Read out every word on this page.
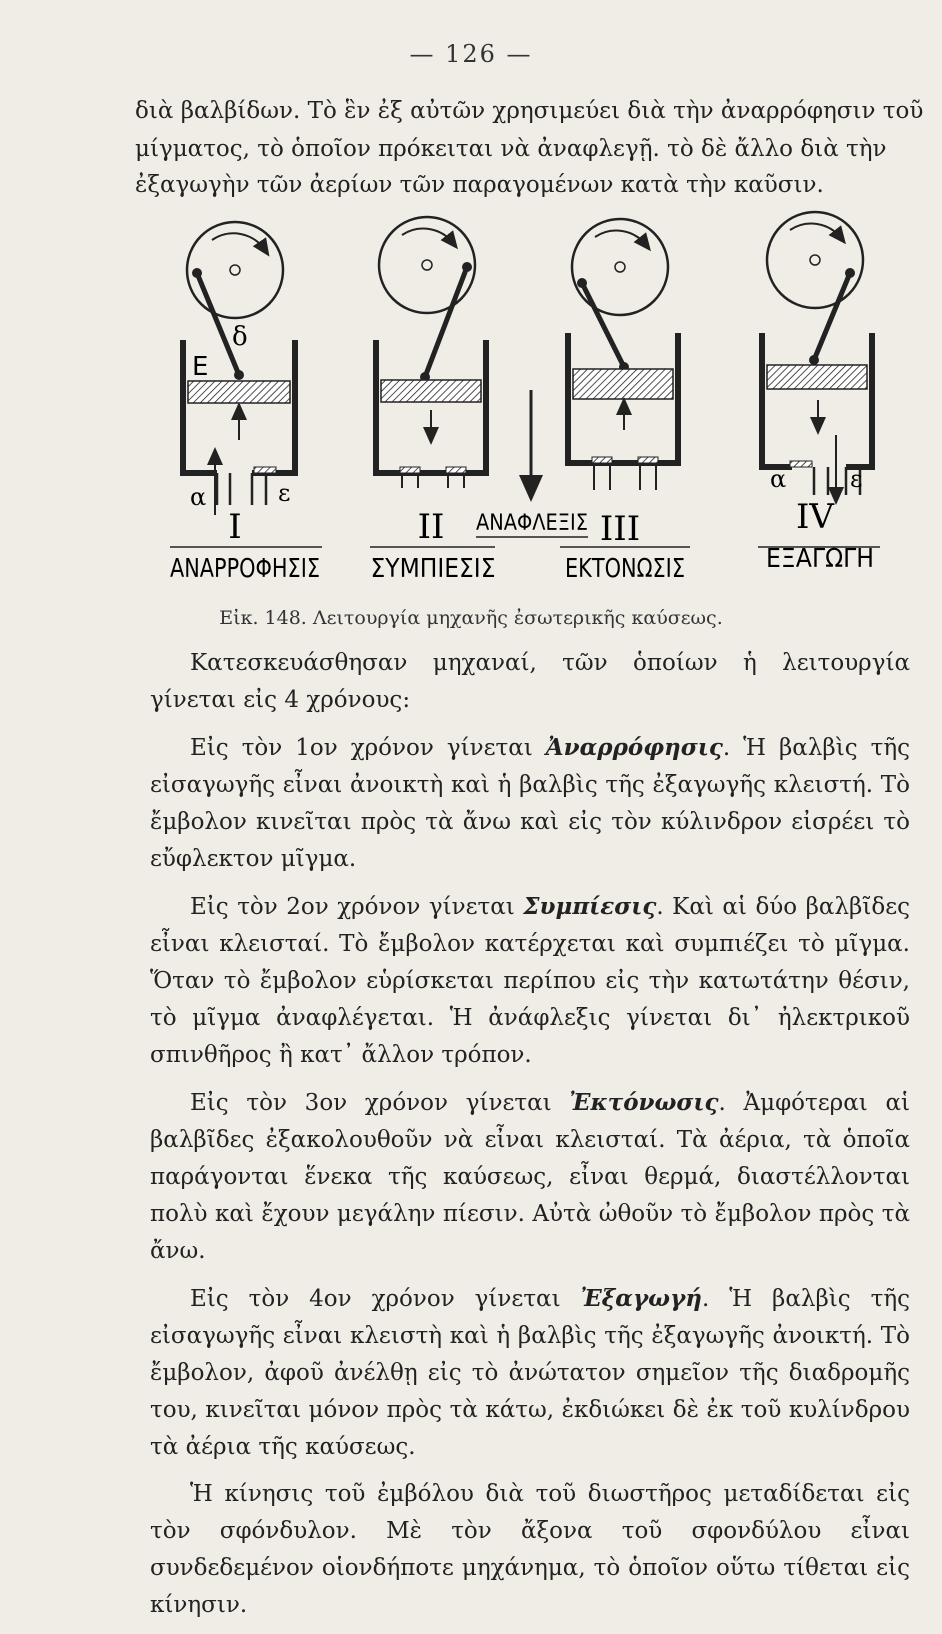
— 126 —
διὰ βαλβίδων. Τὸ ἓν ἐξ αὐτῶν χρησιμεύει διὰ τὴν ἀναρρόφησιν τοῦ
μίγματος, τὸ ὁποῖον πρόκειται νὰ ἀναφλεγῇ. τὸ δὲ ἄλλο διὰ τὴν
ἐξαγωγὴν τῶν ἀερίων τῶν παραγομένων κατὰ τὴν καῦσιν.
Ε
δ
α	ε
I
ΑΝΑΡΡΟΦΗΣΙΣ
II
ΣΥΜΠΙΕΣΙΣ
ΑΝΑΦΛΕΞΙΣ III
ΕΚΤΟΝΩΣΙΣ
α	ε
IV
ΕΞΑΓΩΓΗ
Εἰκ. 148. Λειτουργία μηχανῆς ἐσωτερικῆς καύσεως.

Κατεσκευάσθησαν μηχαναί, τῶν ὁποίων ἡ λειτουργία γίνεται εἰς 4 χρόνους:

Εἰς τὸν 1ον χρόνον γίνεται Ἀναρρόφησις. Ἡ βαλβὶς τῆς εἰσαγωγῆς εἶναι ἀνοικτὴ καὶ ἡ βαλβὶς τῆς ἐξαγωγῆς κλειστή. Τὸ ἔμβολον κινεῖται πρὸς τὰ ἄνω καὶ εἰς τὸν κύλινδρον εἰσρέει τὸ εὔφλεκτον μῖγμα.

Εἰς τὸν 2ον χρόνον γίνεται Συμπίεσις. Καὶ αἱ δύο βαλβῖδες εἶναι κλεισταί. Τὸ ἔμβολον κατέρχεται καὶ συμπιέζει τὸ μῖγμα. Ὅταν τὸ ἔμβολον εὑρίσκεται περίπου εἰς τὴν κατωτάτην θέσιν, τὸ μῖγμα ἀναφλέγεται. Ἡ ἀνάφλεξις γίνεται δι᾿ ἠλεκτρικοῦ σπινθῆρος ἢ κατ᾿ ἄλλον τρόπον.

Εἰς τὸν 3ον χρόνον γίνεται Ἐκτόνωσις. Ἀμφότεραι αἱ βαλβῖδες ἐξακολουθοῦν νὰ εἶναι κλεισταί. Τὰ ἀέρια, τὰ ὁποῖα παράγονται ἕνεκα τῆς καύσεως, εἶναι θερμά, διαστέλλονται πολὺ καὶ ἔχουν μεγάλην πίεσιν. Αὐτὰ ὠθοῦν τὸ ἔμβολον πρὸς τὰ ἄνω.

Εἰς τὸν 4ον χρόνον γίνεται Ἐξαγωγή. Ἡ βαλβὶς τῆς εἰσαγωγῆς εἶναι κλειστὴ καὶ ἡ βαλβὶς τῆς ἐξαγωγῆς ἀνοικτή. Τὸ ἔμβολον, ἀφοῦ ἀνέλθῃ εἰς τὸ ἀνώτατον σημεῖον τῆς διαδρομῆς του, κινεῖται μόνον πρὸς τὰ κάτω, ἐκδιώκει δὲ ἐκ τοῦ κυλίνδρου τὰ ἀέρια τῆς καύσεως.

Ἡ κίνησις τοῦ ἐμβόλου διὰ τοῦ διωστῆρος μεταδίδεται εἰς τὸν σφόνδυλον. Μὲ τὸν ἄξονα τοῦ σφονδύλου εἶναι συνδεδεμένον οἱονδήποτε μηχάνημα, τὸ ὁποῖον οὕτω τίθεται εἰς κίνησιν.
